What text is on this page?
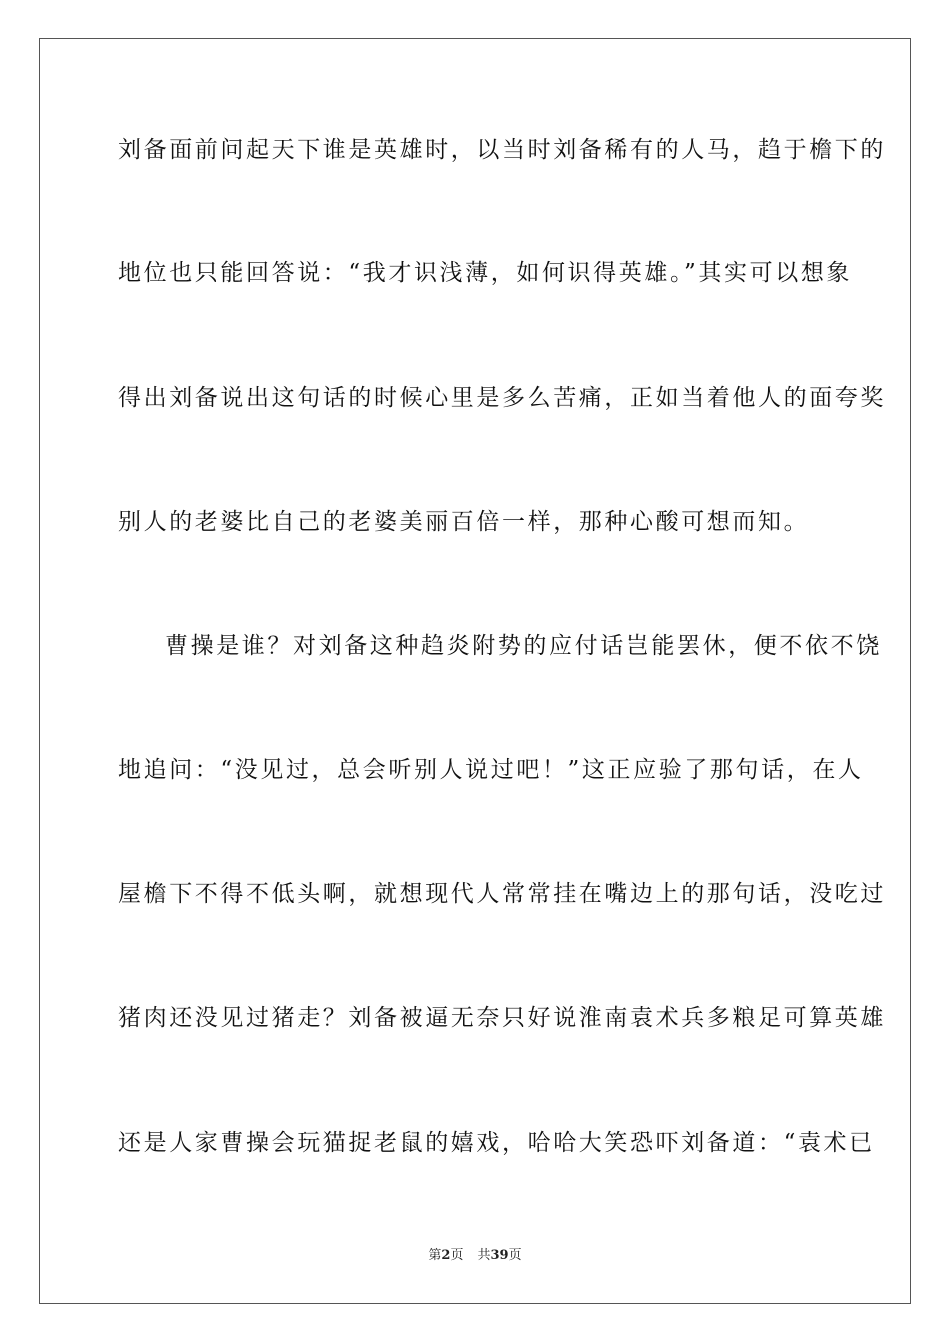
刘备面前问起天下谁是英雄时，以当时刘备稀有的人马，趋于檐下的
地位也只能回答说：“我才识浅薄，如何识得英雄。”其实可以想象
得出刘备说出这句话的时候心里是多么苦痛，正如当着他人的面夸奖
别人的老婆比自己的老婆美丽百倍一样，那种心酸可想而知。
曹操是谁？对刘备这种趋炎附势的应付话岂能罢休，便不依不饶
地追问：“没见过，总会听别人说过吧！”这正应验了那句话，在人
屋檐下不得不低头啊，就想现代人常常挂在嘴边上的那句话，没吃过
猪肉还没见过猪走？刘备被逼无奈只好说淮南袁术兵多粮足可算英雄
还是人家曹操会玩猫捉老鼠的嬉戏，哈哈大笑恐吓刘备道：“袁术已
第2页 共39页
